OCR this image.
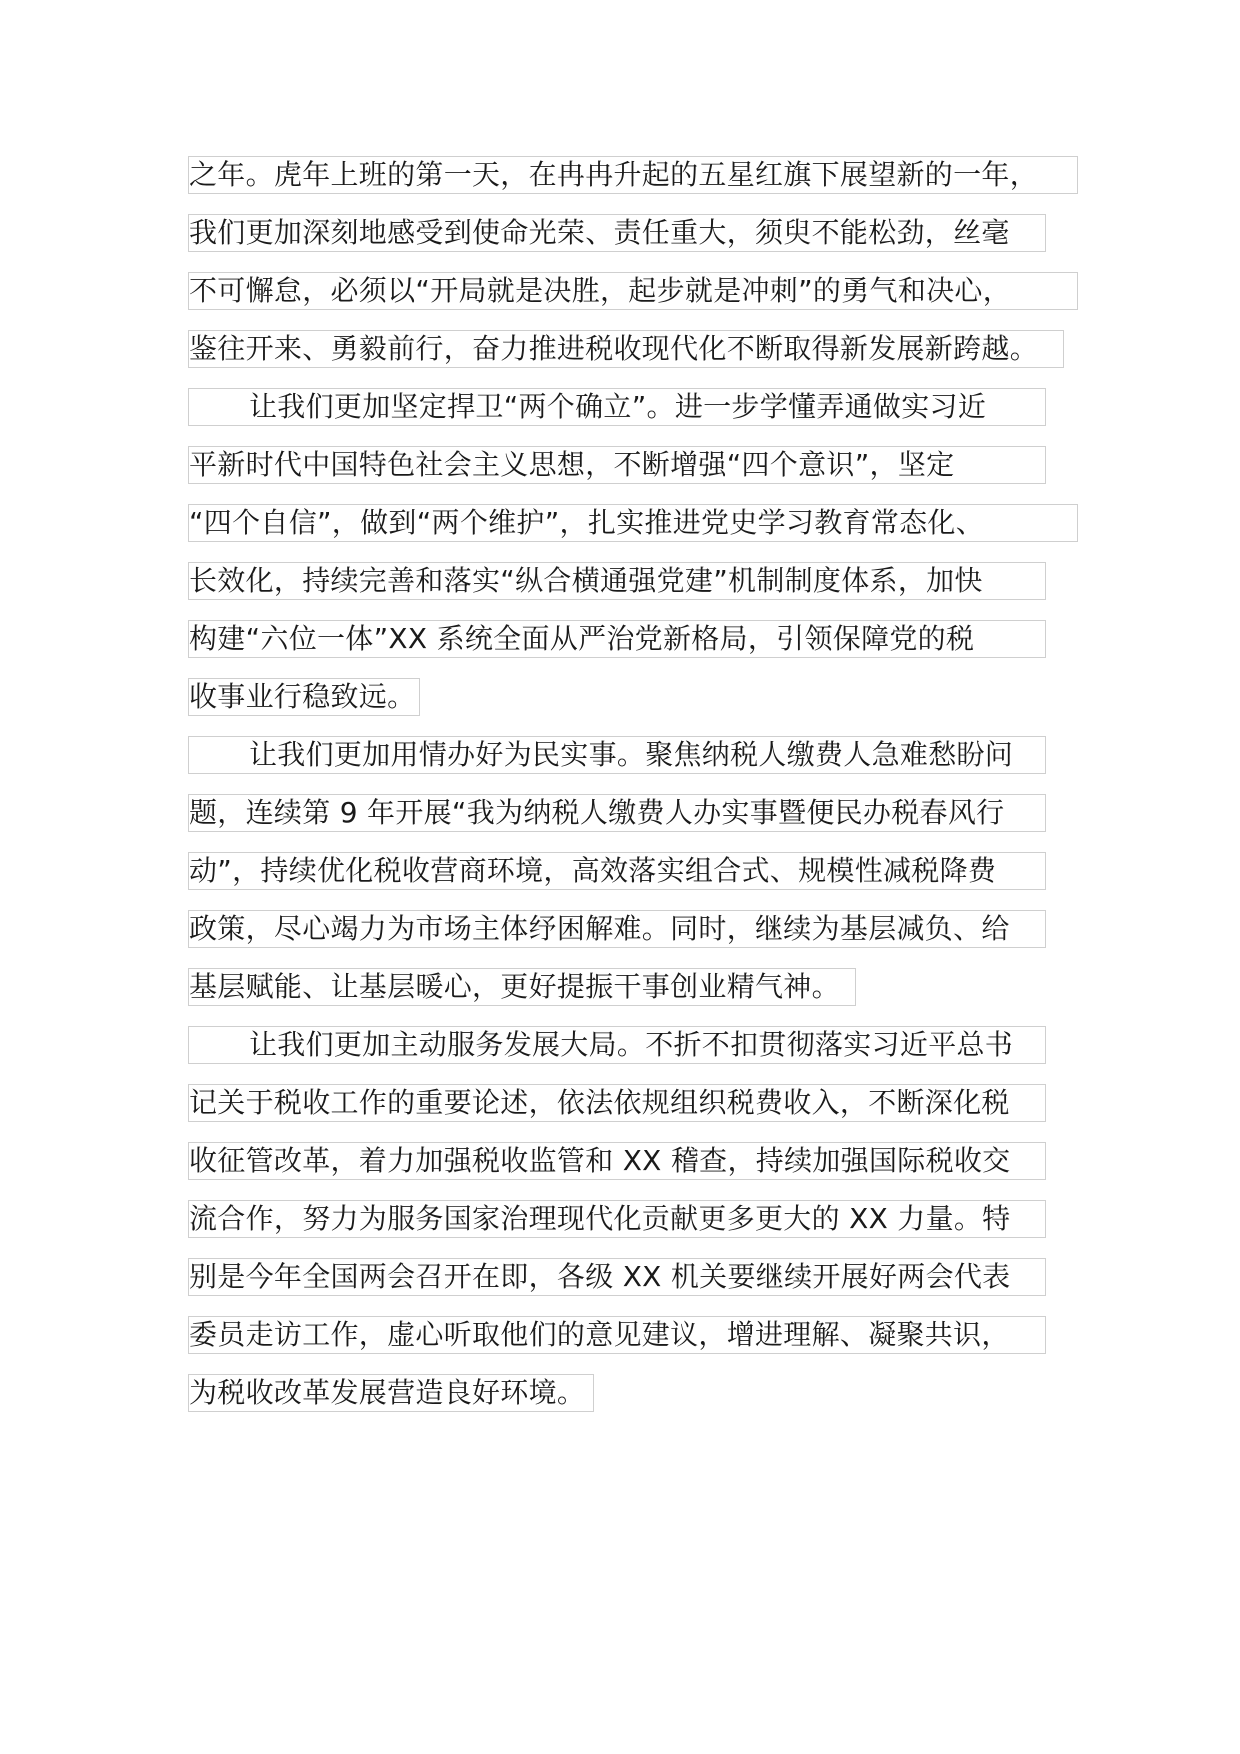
之年。虎年上班的第一天，在冉冉升起的五星红旗下展望新的一年，
我们更加深刻地感受到使命光荣、责任重大，须臾不能松劲，丝毫
不可懈怠，必须以“开局就是决胜，起步就是冲刺”的勇气和决心，
鉴往开来、勇毅前行，奋力推进税收现代化不断取得新发展新跨越。
让我们更加坚定捍卫“两个确立”。进一步学懂弄通做实习近
平新时代中国特色社会主义思想，不断增强“四个意识”，坚定
“四个自信”，做到“两个维护”，扎实推进党史学习教育常态化、
长效化，持续完善和落实“纵合横通强党建”机制制度体系，加快
构建“六位一体”XX 系统全面从严治党新格局，引领保障党的税
收事业行稳致远。
让我们更加用情办好为民实事。聚焦纳税人缴费人急难愁盼问
题，连续第 9 年开展“我为纳税人缴费人办实事暨便民办税春风行
动”，持续优化税收营商环境，高效落实组合式、规模性减税降费
政策，尽心竭力为市场主体纾困解难。同时，继续为基层减负、给
基层赋能、让基层暖心，更好提振干事创业精气神。
让我们更加主动服务发展大局。不折不扣贯彻落实习近平总书
记关于税收工作的重要论述，依法依规组织税费收入，不断深化税
收征管改革，着力加强税收监管和 XX 稽查，持续加强国际税收交
流合作，努力为服务国家治理现代化贡献更多更大的 XX 力量。特
别是今年全国两会召开在即，各级 XX 机关要继续开展好两会代表
委员走访工作，虚心听取他们的意见建议，增进理解、凝聚共识，
为税收改革发展营造良好环境。
